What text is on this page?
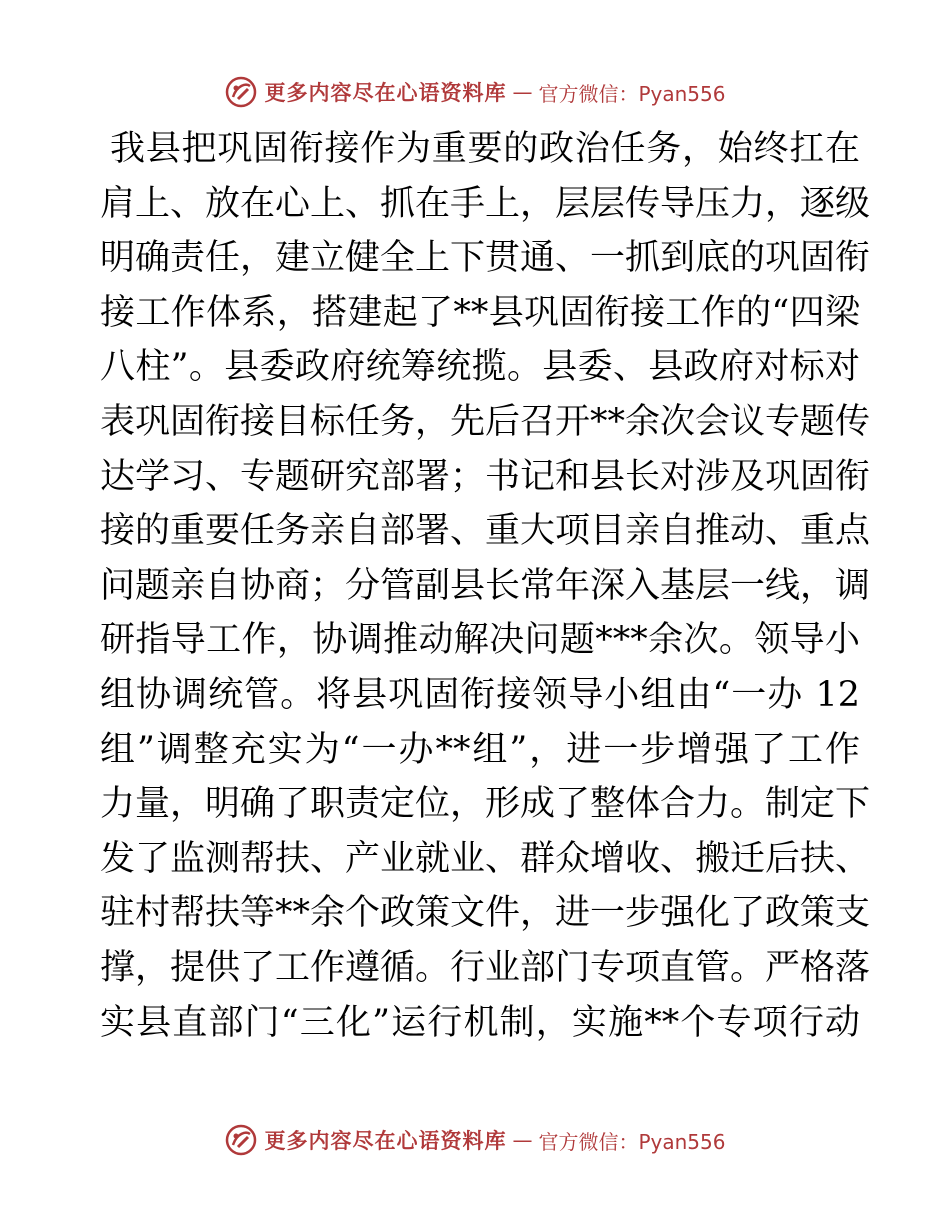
更多内容尽在心语资料库 — 官方微信：Pyan556
我县把巩固衔接作为重要的政治任务，始终扛在
肩上、放在心上、抓在手上，层层传导压力，逐级
明确责任，建立健全上下贯通、一抓到底的巩固衔
接工作体系，搭建起了**县巩固衔接工作的“四梁
八柱”。县委政府统筹统揽。县委、县政府对标对
表巩固衔接目标任务，先后召开**余次会议专题传
达学习、专题研究部署；书记和县长对涉及巩固衔
接的重要任务亲自部署、重大项目亲自推动、重点
问题亲自协商；分管副县长常年深入基层一线，调
研指导工作，协调推动解决问题***余次。领导小
组协调统管。将县巩固衔接领导小组由“一办 12
组”调整充实为“一办**组”，进一步增强了工作
力量，明确了职责定位，形成了整体合力。制定下
发了监测帮扶、产业就业、群众增收、搬迁后扶、
驻村帮扶等**余个政策文件，进一步强化了政策支
撑，提供了工作遵循。行业部门专项直管。严格落
实县直部门“三化”运行机制，实施**个专项行动
更多内容尽在心语资料库 — 官方微信：Pyan556
